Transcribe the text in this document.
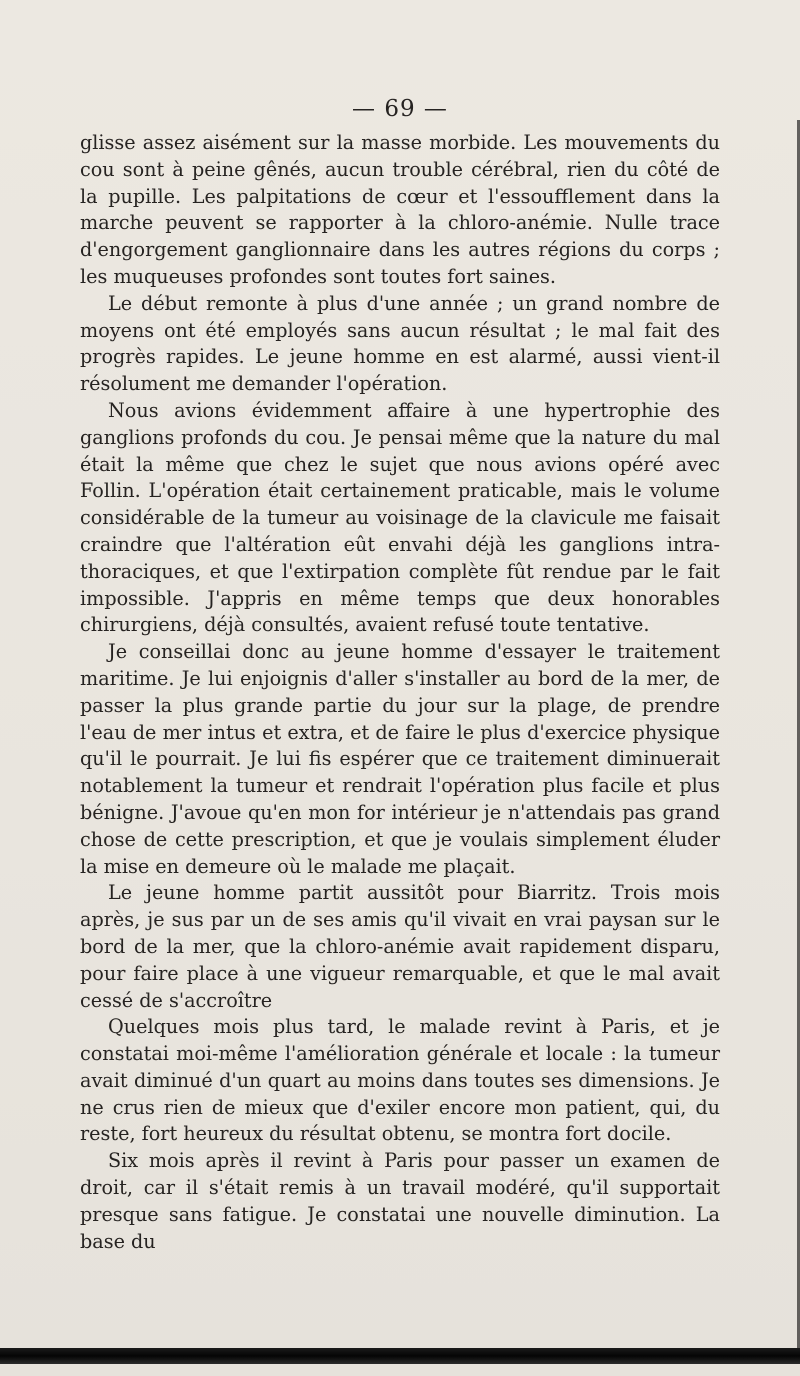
— 69 —

glisse assez aisément sur la masse morbide. Les mouvements du cou sont à peine gênés, aucun trouble cérébral, rien du côté de la pupille. Les palpitations de cœur et l'essoufflement dans la marche peuvent se rapporter à la chloro-anémie. Nulle trace d'engorgement ganglionnaire dans les autres régions du corps ; les muqueuses profondes sont toutes fort saines.

Le début remonte à plus d'une année ; un grand nombre de moyens ont été employés sans aucun résultat ; le mal fait des progrès rapides. Le jeune homme en est alarmé, aussi vient-il résolument me demander l'opération.

Nous avions évidemment affaire à une hypertrophie des ganglions profonds du cou. Je pensai même que la nature du mal était la même que chez le sujet que nous avions opéré avec Follin. L'opération était certainement praticable, mais le volume considérable de la tumeur au voisinage de la clavicule me faisait craindre que l'altération eût envahi déjà les ganglions intra-thoraciques, et que l'extirpation complète fût rendue par le fait impossible. J'appris en même temps que deux honorables chirurgiens, déjà consultés, avaient refusé toute tentative.

Je conseillai donc au jeune homme d'essayer le traitement maritime. Je lui enjoignis d'aller s'installer au bord de la mer, de passer la plus grande partie du jour sur la plage, de prendre l'eau de mer intus et extra, et de faire le plus d'exercice physique qu'il le pourrait. Je lui fis espérer que ce traitement diminuerait notablement la tumeur et rendrait l'opération plus facile et plus bénigne. J'avoue qu'en mon for intérieur je n'attendais pas grand chose de cette prescription, et que je voulais simplement éluder la mise en demeure où le malade me plaçait.

Le jeune homme partit aussitôt pour Biarritz. Trois mois après, je sus par un de ses amis qu'il vivait en vrai paysan sur le bord de la mer, que la chloro-anémie avait rapidement disparu, pour faire place à une vigueur remarquable, et que le mal avait cessé de s'accroître

Quelques mois plus tard, le malade revint à Paris, et je constatai moi-même l'amélioration générale et locale : la tumeur avait diminué d'un quart au moins dans toutes ses dimensions. Je ne crus rien de mieux que d'exiler encore mon patient, qui, du reste, fort heureux du résultat obtenu, se montra fort docile.

Six mois après il revint à Paris pour passer un examen de droit, car il s'était remis à un travail modéré, qu'il supportait presque sans fatigue. Je constatai une nouvelle diminution. La base du
